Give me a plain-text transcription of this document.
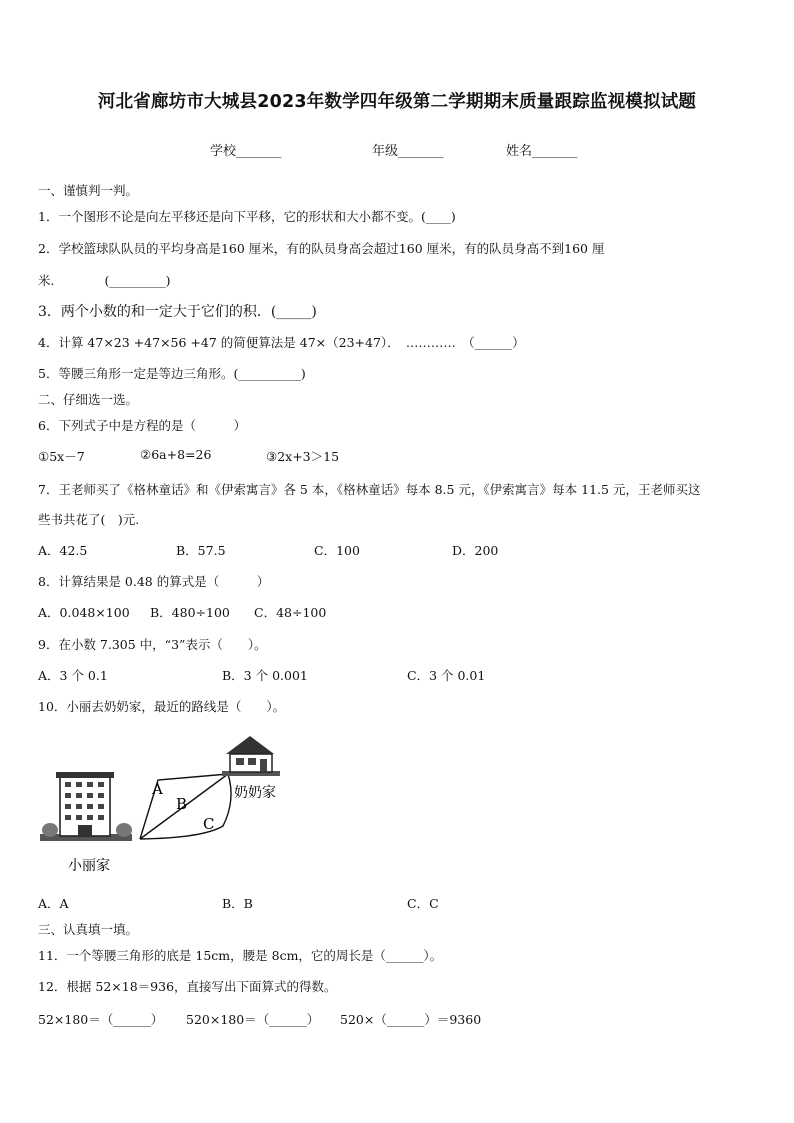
河北省廊坊市大城县2023年数学四年级第二学期期末质量跟踪监视模拟试题
学校_______	年级_______	姓名_______
一、谨慎判一判。
1．一个图形不论是向左平移还是向下平移，它的形状和大小都不变。(____)
2．学校篮球队队员的平均身高是160 厘米，有的队员身高会超过160 厘米，有的队员身高不到160 厘
米.　　　　(_________)
3．两个小数的和一定大于它们的积．(_____)
4．计算 47×23 +47×56 +47 的简便算法是 47×（23+47）．　…………　（______）
5．等腰三角形一定是等边三角形。(__________)
二、仔细选一选。
6．下列式子中是方程的是（　　　）
①5x－7	②6a+8=26	③2x+3＞15
7．王老师买了《格林童话》和《伊索寓言》各 5 本，《格林童话》每本 8.5 元，《伊索寓言》每本 11.5 元，王老师买这
些书共花了(　)元.
A．42.5	B．57.5	C．100	D．200
8．计算结果是 0.48 的算式是（　　　）
A．0.048×100 B．480÷100 C．48÷100
9．在小数 7.305 中，“3”表示（　　）。
A．3 个 0.1	B．3 个 0.001	C．3 个 0.01
10．小丽去奶奶家，最近的路线是（　　）。
A
B
C
奶奶家
小丽家
A．A	B．B	C．C
三、认真填一填。
11．一个等腰三角形的底是 15cm，腰是 8cm，它的周长是（______）。
12．根据 52×18＝936，直接写出下面算式的得数。
52×180＝（______） 520×180＝（______） 520×（______）＝9360
